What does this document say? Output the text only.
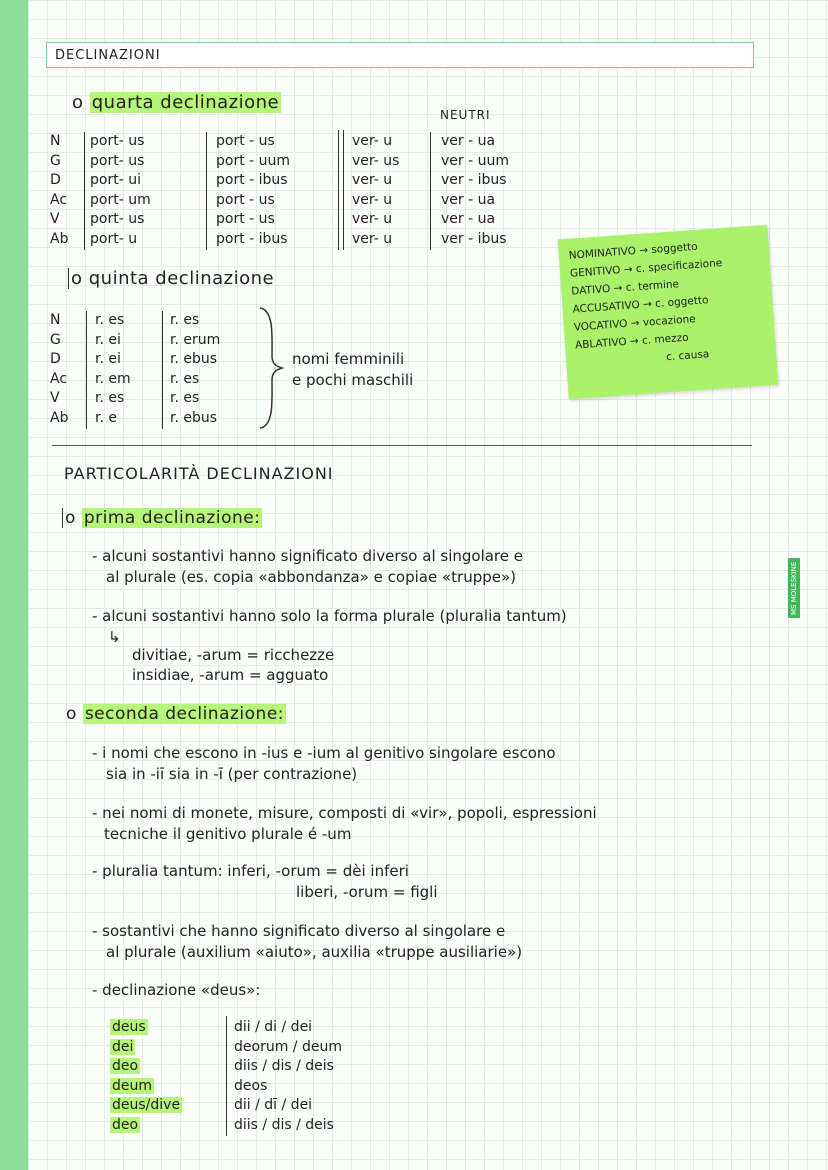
DECLINAZIONI
o quarta declinazione
NEUTRI
N
G
D
Ac
V
Ab
port- us
port- us
port- ui
port- um
port- us
port- u
port - us
port - uum
port - ibus
port - us
port - us
port - ibus
ver- u
ver- us
ver- u
ver- u
ver- u
ver- u
ver - ua
ver - uum
ver - ibus
ver - ua
ver - ua
ver - ibus
o quinta declinazione
N
G
D
Ac
V
Ab
r. es
r. ei
r. ei
r. em
r. es
r. e
r. es
r. erum
r. ebus
r. es
r. es
r. ebus
nomi femminili
e pochi maschili
NOMINATIVO → soggetto
GENITIVO → c. specificazione
DATIVO → c. termine
ACCUSATIVO → c. oggetto
VOCATIVO → vocazione
ABLATIVO → c. mezzo
c. causa
PARTICOLARITÀ DECLINAZIONI
o prima declinazione:
- alcuni sostantivi hanno significato diverso al singolare e
al plurale (es. copia «abbondanza» e copiae «truppe»)
- alcuni sostantivi hanno solo la forma plurale (pluralia tantum)
↳
divitiae, -arum = ricchezze
insidiae, -arum = agguato
o seconda declinazione:
- i nomi che escono in -ius e -ium al genitivo singolare escono
sia in -iī sia in -ī (per contrazione)
- nei nomi di monete, misure, composti di «vir», popoli, espressioni
tecniche il genitivo plurale é -um
- pluralia tantum: inferi, -orum = dèi inferi
liberi, -orum = figli
- sostantivi che hanno significato diverso al singolare e
al plurale (auxilium «aiuto», auxilia «truppe ausiliarie»)
- declinazione «deus»:
deus
dei
deo
deum
deus/dive
deo
dii / di / dei
deorum / deum
diis / dis / deis
deos
dii / dī / dei
diis / dis / deis
MS MOLESKINE
